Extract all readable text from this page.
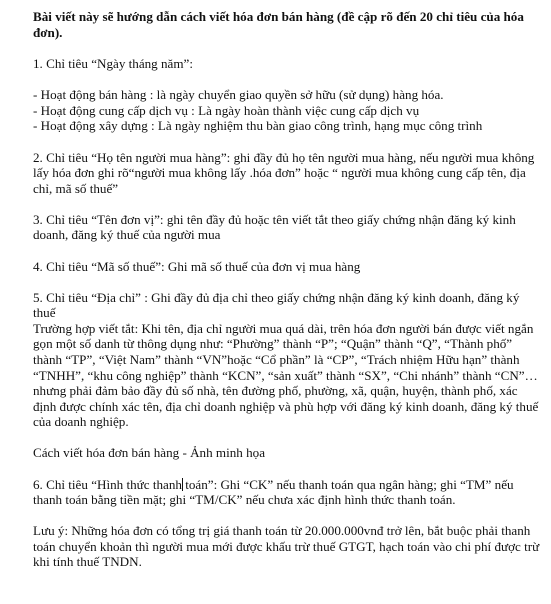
Bài viết này sẽ hướng dẫn cách viết hóa đơn bán hàng (đề cập rõ đến 20 chỉ tiêu của hóa đơn).

1. Chỉ tiêu “Ngày tháng năm”:

- Hoạt động bán hàng : là ngày chuyển giao quyền sở hữu (sử dụng) hàng hóa.

- Hoạt động cung cấp dịch vụ : Là ngày hoàn thành việc cung cấp dịch vụ

- Hoạt động xây dựng : Là ngày nghiệm thu bàn giao công trình, hạng mục công trình

2. Chỉ tiêu “Họ tên người mua hàng”: ghi đầy đủ họ tên người mua hàng, nếu người mua không lấy hóa đơn ghi rõ“người mua không lấy .hóa đơn” hoặc “ người mua không cung cấp tên, địa chỉ, mã số thuế”

3. Chỉ tiêu “Tên đơn vị”: ghi tên đầy đủ hoặc tên viết tắt theo giấy chứng nhận đăng ký kinh doanh, đăng ký thuế của người mua

4. Chỉ tiêu “Mã số thuế”: Ghi mã số thuế của đơn vị mua hàng

5. Chỉ tiêu “Địa chỉ” : Ghi đầy đủ địa chỉ theo giấy chứng nhận đăng ký kinh doanh, đăng ký thuế

Trường hợp viết tắt: Khi tên, địa chỉ người mua quá dài, trên hóa đơn người bán được viết ngắn gọn một số danh từ thông dụng như: “Phường” thành “P”; “Quận” thành “Q”, “Thành phố” thành “TP”, “Việt Nam” thành “VN”hoặc “Cổ phần” là “CP”, “Trách nhiệm Hữu hạn” thành “TNHH”, “khu công nghiệp” thành “KCN”, “sản xuất” thành “SX”, “Chi nhánh” thành “CN”… nhưng phải đảm bảo đầy đủ số nhà, tên đường phố, phường, xã, quận, huyện, thành phố, xác định được chính xác tên, địa chỉ doanh nghiệp và phù hợp với đăng ký kinh doanh, đăng ký thuế của doanh nghiệp.

Cách viết hóa đơn bán hàng - Ảnh minh họa

6. Chỉ tiêu “Hình thức thanh toán”: Ghi “CK” nếu thanh toán qua ngân hàng; ghi “TM” nếu thanh toán bằng tiền mặt; ghi “TM/CK” nếu chưa xác định hình thức thanh toán.

Lưu ý: Những hóa đơn có tổng trị giá thanh toán từ 20.000.000vnđ trở lên, bắt buộc phải thanh toán chuyển khoản thì người mua mới được khấu trừ thuế GTGT, hạch toán vào chi phí được trừ khi tính thuế TNDN.
